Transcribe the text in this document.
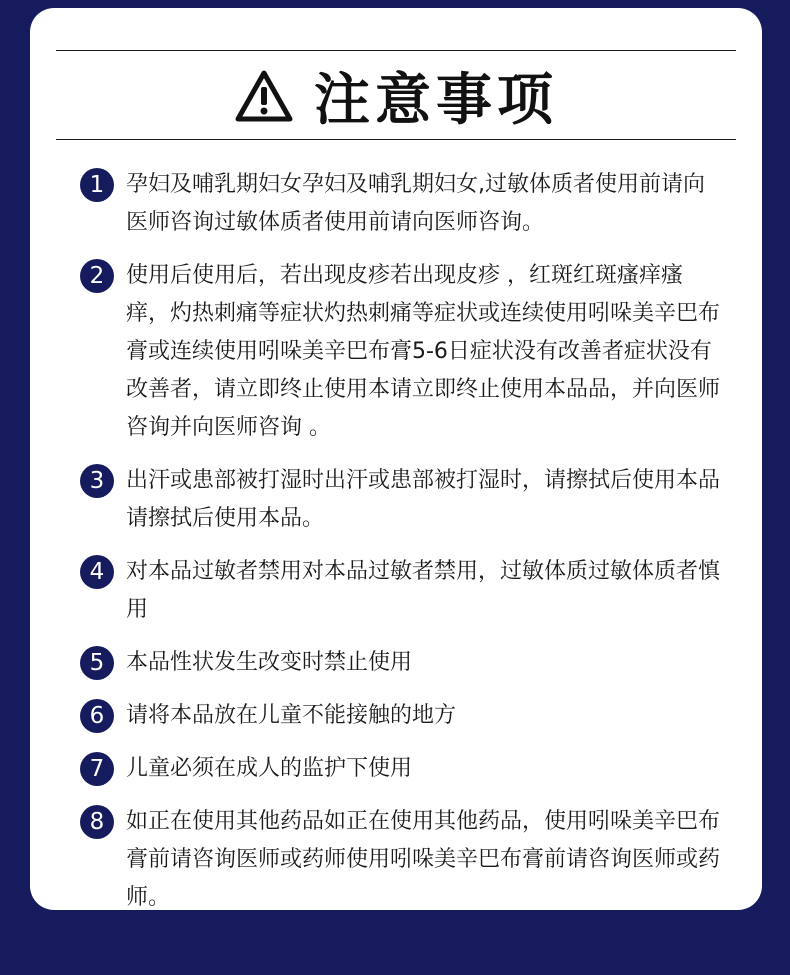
注意事项
1 孕妇及哺乳期妇女孕妇及哺乳期妇女,过敏体质者使用前请向医师咨询过敏体质者使用前请向医师咨询。
2 使用后使用后，若出现皮疹若出现皮疹 ，红斑红斑瘙痒瘙痒，灼热刺痛等症状灼热刺痛等症状或连续使用吲哚美辛巴布膏或连续使用吲哚美辛巴布膏5-6日症状没有改善者症状没有改善者，请立即终止使用本请立即终止使用本品品，并向医师咨询并向医师咨询 。
3 出汗或患部被打湿时出汗或患部被打湿时，请擦拭后使用本品请擦拭后使用本品。
4 对本品过敏者禁用对本品过敏者禁用，过敏体质过敏体质者慎用
5 本品性状发生改变时禁止使用
6 请将本品放在儿童不能接触的地方
7 儿童必须在成人的监护下使用
8 如正在使用其他药品如正在使用其他药品，使用吲哚美辛巴布膏前请咨询医师或药师使用吲哚美辛巴布膏前请咨询医师或药师。
